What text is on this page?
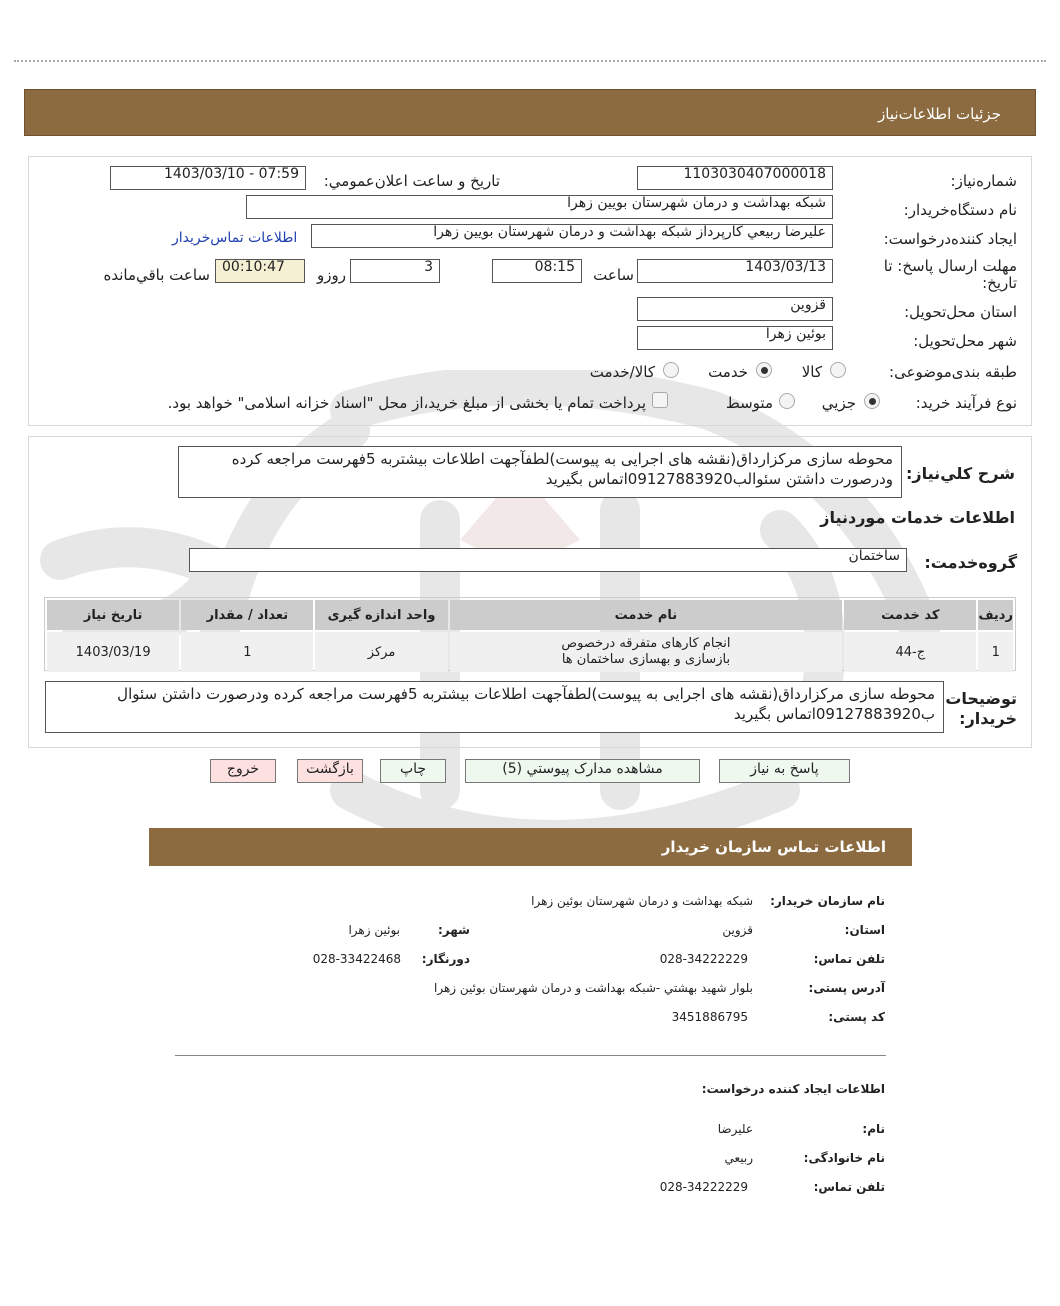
جزئیات اطلاعات‌نیاز
شماره‌نیاز:
1103030407000018
تاريخ و ساعت اعلان‌عمومي:
1403/03/10 - 07:59
نام دستگاه‌خريدار:
شبکه بهداشت و درمان شهرستان بويين زهرا
ايجاد کننده‌درخواست:
عليرضا ربيعي کارپرداز شبکه بهداشت و درمان شهرستان بويين زهرا
اطلاعات تماس‌خريدار
مهلت ارسال پاسخ: تا تاریخ:
1403/03/13
ساعت
08:15
3
روزو
00:10:47
ساعت باقي‌مانده
استان محل‌تحويل:
قزوين
شهر محل‌تحويل:
بوئين زهرا
طبقه بندی‌موضوعی:
کالا
خدمت
کالا/خدمت
نوع فرآيند خريد:
جزيي
متوسط
پرداخت تمام يا بخشی از مبلغ خريد،از محل "اسناد خزانه اسلامی" خواهد بود.
شرح کلي‌نياز:
محوطه سازی مرکزارداق(نقشه های اجرایی به پیوست)لطفآجهت اطلاعات بیشتربه 5فهرست مراجعه کرده ودرصورت داشتن سئوالب09127883920اتماس بگیرید
اطلاعات خدمات موردنياز
گروه‌خدمت:
ساختمان
رديف	کد خدمت	نام خدمت	واحد اندازه گيری	تعداد / مقدار	تاريخ نياز
1	ج-44	انجام کارهای متفرقه درخصوص بازسازی و بهسازی ساختمان ها	مرکز	1	1403/03/19
توضيحات خريدار:
محوطه سازی مرکزارداق(نقشه های اجرایی به پیوست)لطفآجهت اطلاعات بیشتربه 5فهرست مراجعه کرده ودرصورت داشتن سئوال ب09127883920اتماس بگیرید
پاسخ به نياز
مشاهده مدارک پيوستي (5)
چاپ
بازگشت
خروج
اطلاعات تماس سازمان خريدار
نام سازمان خريدار:
شبکه بهداشت و درمان شهرستان بوئين زهرا
استان:
قزوين
شهر:
بوئين زهرا
تلفن تماس:
028-34222229
دورنگار:
028-33422468
آدرس پستی:
بلوار شهيد بهشتي -شبکه بهداشت و درمان شهرستان بوئين زهرا
کد پستی:
3451886795
اطلاعات ایجاد کننده درخواست:
نام:
عليرضا
نام خانوادگی:
ربيعي
تلفن تماس:
028-34222229
